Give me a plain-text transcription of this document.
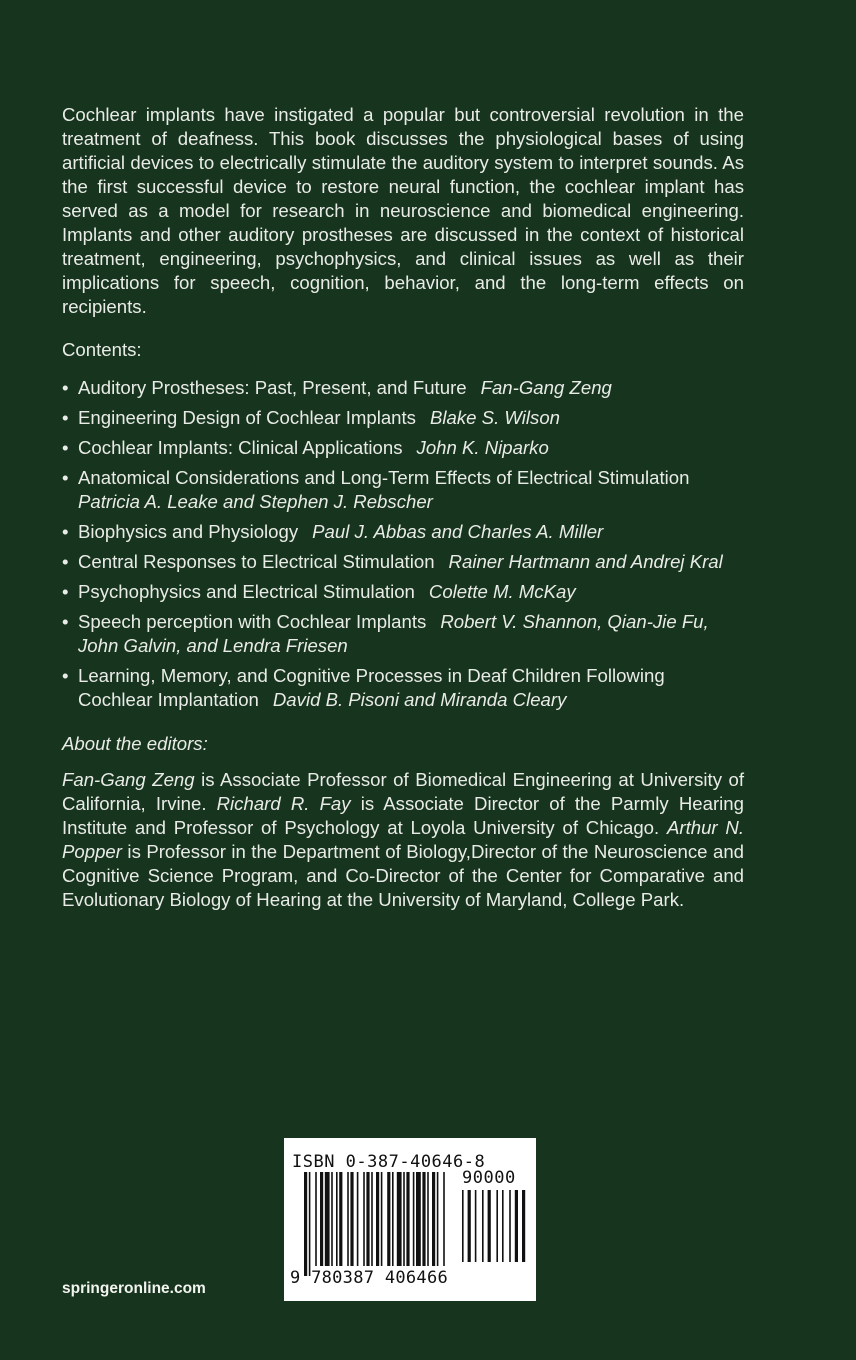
Cochlear implants have instigated a popular but controversial revolution in the treatment of deafness. This book discusses the physiological bases of using artificial devices to electrically stimulate the auditory system to interpret sounds. As the first successful device to restore neural function, the cochlear implant has served as a model for research in neuroscience and biomedical engineering. Implants and other auditory prostheses are discussed in the context of historical treatment, engineering, psychophysics, and clinical issues as well as their implications for speech, cognition, behavior, and the long-term effects on recipients.

Contents:
• Auditory Prostheses: Past, Present, and Future Fan-Gang Zeng
• Engineering Design of Cochlear Implants Blake S. Wilson
• Cochlear Implants: Clinical Applications John K. Niparko
• Anatomical Considerations and Long-Term Effects of Electrical Stimulation
Patricia A. Leake and Stephen J. Rebscher
• Biophysics and Physiology Paul J. Abbas and Charles A. Miller
• Central Responses to Electrical Stimulation Rainer Hartmann and Andrej Kral
• Psychophysics and Electrical Stimulation Colette M. McKay
• Speech perception with Cochlear Implants Robert V. Shannon, Qian-Jie Fu, John Galvin, and Lendra Friesen
• Learning, Memory, and Cognitive Processes in Deaf Children Following Cochlear Implantation David B. Pisoni and Miranda Cleary
About the editors:

Fan-Gang Zeng is Associate Professor of Biomedical Engineering at University of California, Irvine. Richard R. Fay is Associate Director of the Parmly Hearing Institute and Professor of Psychology at Loyola University of Chicago. Arthur N. Popper is Professor in the Department of Biology,Director of the Neuroscience and Cognitive Science Program, and Co-Director of the Center for Comparative and Evolutionary Biology of Hearing at the University of Maryland, College Park.

ISBN 0-387-40646-8
90000
9 780387 406466
springeronline.com
